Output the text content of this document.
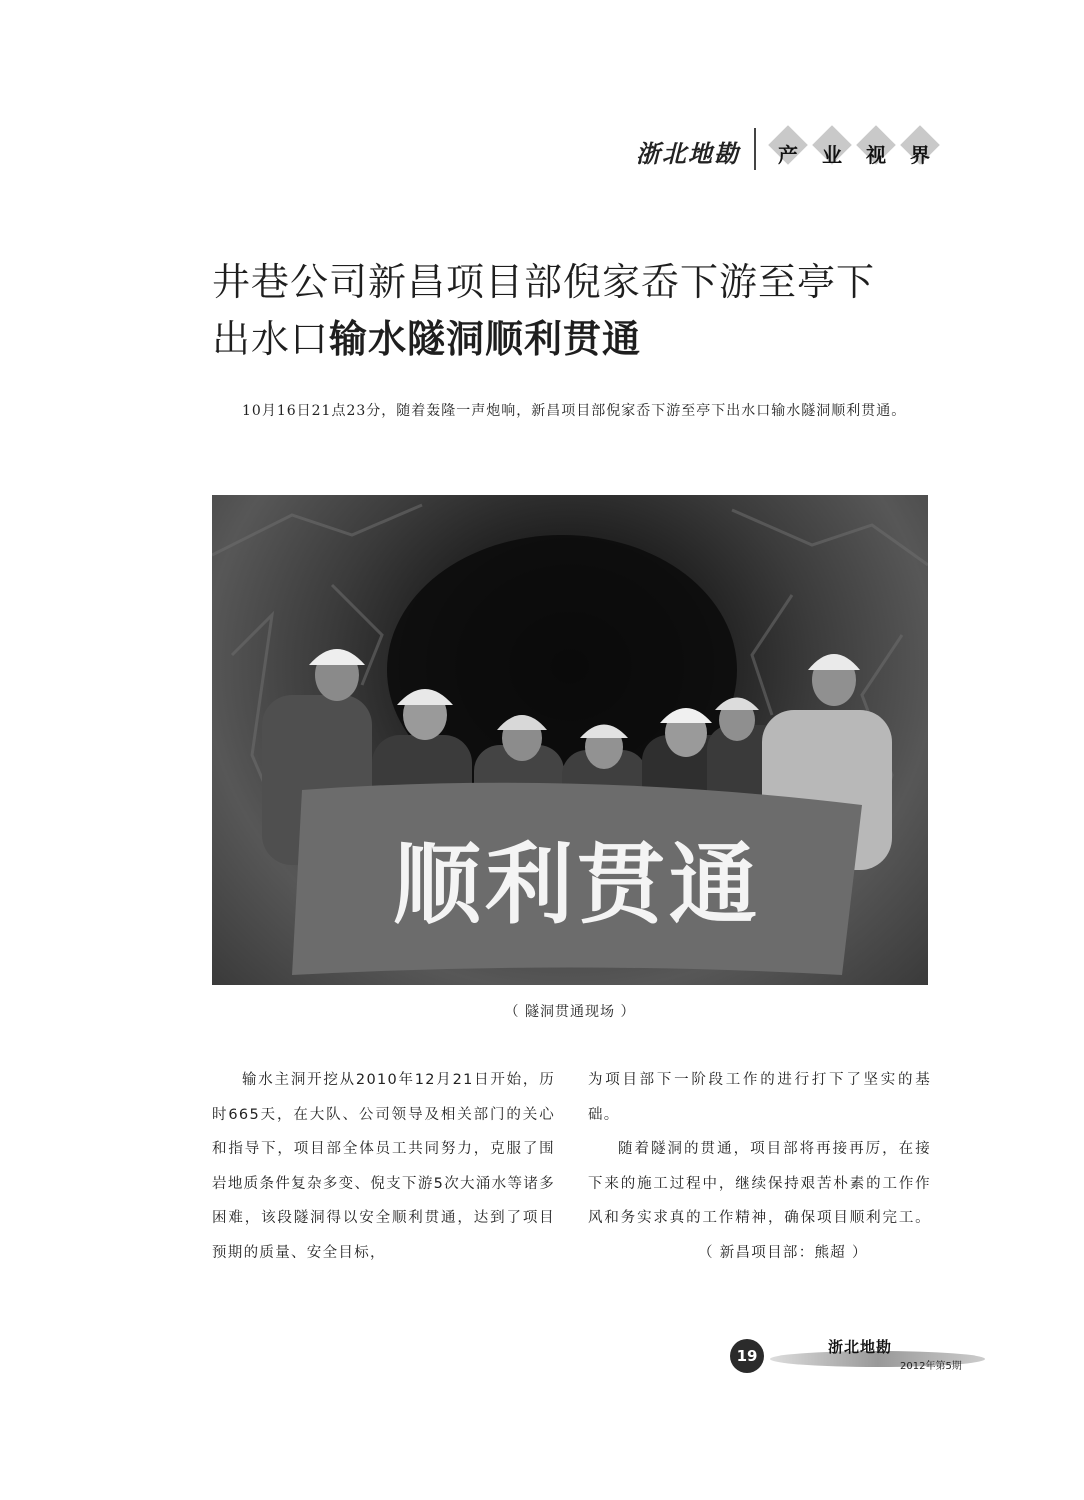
浙北地勘	产	业	视	界
井巷公司新昌项目部倪家岙下游至亭下
出水口输水隧洞顺利贯通
10月16日21点23分，随着轰隆一声炮响，新昌项目部倪家岙下游至亭下出水口输水隧洞顺利贯通。
顺利贯通
（ 隧洞贯通现场 ）

输水主洞开挖从2010年12月21日开始，历时665天，在大队、公司领导及相关部门的关心和指导下，项目部全体员工共同努力，克服了围岩地质条件复杂多变、倪支下游5次大涌水等诸多困难，该段隧洞得以安全顺利贯通，达到了项目预期的质量、安全目标，

为项目部下一阶段工作的进行打下了坚实的基础。

随着隧洞的贯通，项目部将再接再厉，在接下来的施工过程中，继续保持艰苦朴素的工作作风和务实求真的工作精神，确保项目顺利完工。（ 新昌项目部：熊超 ）

19	浙北地勘
2012年第5期
